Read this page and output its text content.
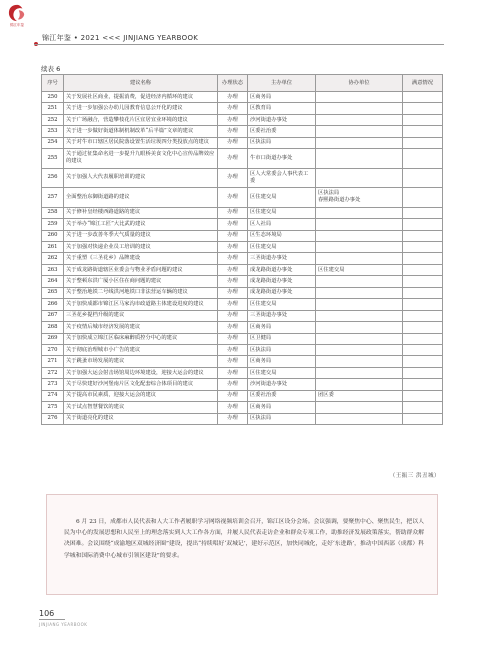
锦江年鉴
锦江年鉴 • 2021 <<< JINJIANG YEARBOOK
续表 6
序号	建议名称	办理状态	主办单位	协办单位	满意情况
250	关于发展社区商业，提振消费，促进经济内循环的建议	办理	区商务局		
251	关于进一步加强公办幼儿园教育信息公开化的建议	办理	区教育局		
252	关于广场融合，营造攀枝花片区宜居宜业环境的建议	办理	沙河街道办事处		
253	关于进一步做好街道体制机制改革“后半篇”文章的建议	办理	区委社治委		
254	关于对牛市口辖区居民院落设置生活垃圾四分类投放点的建议	办理	区执法局		
255	关于通过征集命名进一步提升九眼桥美食文化中心宣传品牌效应的建议	办理	牛市口街道办事处		
256	关于加强人大代表履职培训的建议	办理	区人大常委会人事代表工委		
257	全面整治东御街道路的建议	办理	区住建交局	区执法局
春熙路街道办事处	
258	关于修补皇经楼西路道路的建议	办理	区住建交局		
259	关于举办“锦江工匠”大比武的建议	办理	区人社局		
260	关于进一步改善冬季大气质量的建议	办理	区生态环境局		
261	关于加强对快递企业员工培训的建议	办理	区住建交局		
262	关于重塑《三圣花乡》品牌建设	办理	三圣街道办事处		
263	关于成龙路街道辖区业委会与物业矛盾问题的建议	办理	成龙路街道办事处	区住建交局	
264	关于整顿东洪广厦小区住在商问题的建议	办理	成龙路街道办事处		
265	关于整治地铁二号线洪河地铁口非法营运车辆的建议	办理	成龙路街道办事处		
266	关于加快成都市锦江区马家沟市政道路主体建设进度的建议	办理	区住建交局		
267	三圣花乡提档升级的建议	办理	三圣街道办事处		
268	关于疫情后城市经济发展的建议	办理	区商务局		
269	关于加快成立锦江区临床麻醉质控分中心的建议	办理	区卫健局		
270	关于彻底治理城市小广告的建议	办理	区执法局		
271	关于跳蚤市场发展的建议	办理	区商务局		
272	关于加强大运会射击场馆周边环境建设，迎接大运会的建议	办理	区住建交局		
273	关于尽快建好沙河堡南片区文化配套综合体项目的建议	办理	沙河街道办事处		
274	关于提高市民素质，迎接大运会的建议	办理	区委社治委	团区委	
275	关于试点智慧餐饮的建议	办理	区商务局		
276	关于街道亮化的建议	办理	区执法局		
（王振三 洪丑城）
6 月 23 日，成都市人民代表和人大工作者履职学习网络视频培训会召开，锦江区设分会场。会议强调，要聚焦中心、聚焦民生，把以人民为中心的发展思想和人民至上的理念落实到人大工作各方面，并履人民代表走访企业和群众专项工作，助推经济发展政策落实，帮助群众解决困难。会议围绕“成渝地区双城经济圈”建设，提出“持续唱好‘双城记’，建好示范区，加快同城化，走好‘东进路’，推动中国西部（成都）科学城和国际消费中心城市引领区建设”的要求。
106
JINJIANG YEARBOOK
